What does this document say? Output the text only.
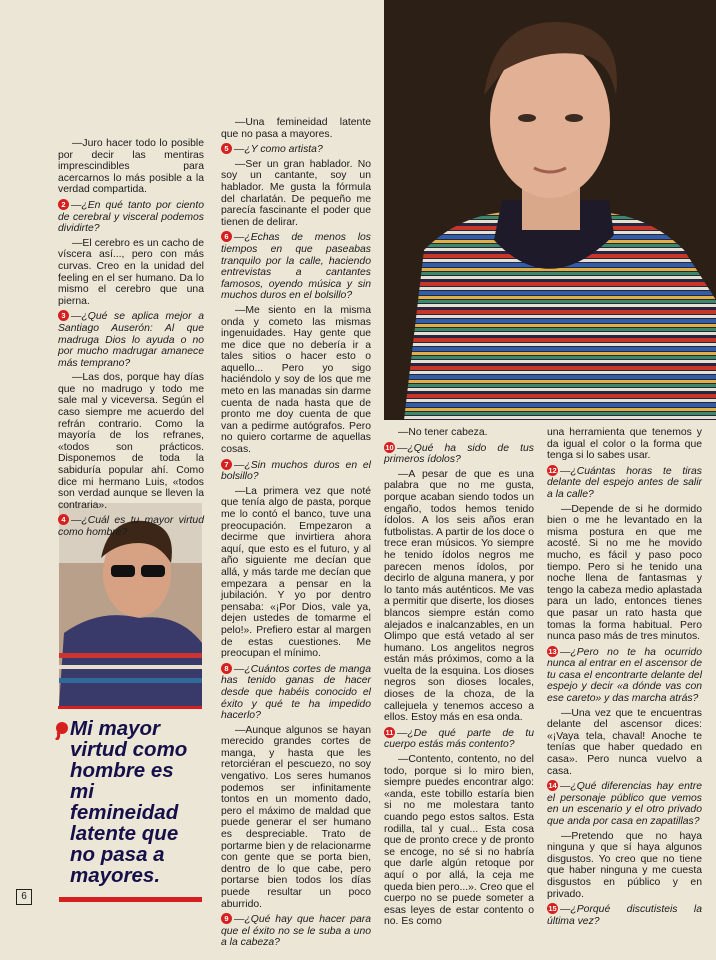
Mi mayor virtud como hombre es mi femineidad latente que no pasa a mayores.

—Juro hacer todo lo posible por decir las mentiras imprescindibles para acercarnos lo más posible a la verdad compartida.

2 —¿En qué tanto por ciento de cerebral y visceral podemos dividirte?

—El cerebro es un cacho de víscera así..., pero con más curvas. Creo en la unidad del feeling en el ser humano. Da lo mismo el cerebro que una pierna.

3 —¿Qué se aplica mejor a Santiago Auserón: Al que madruga Dios lo ayuda o no por mucho madrugar amanece más temprano?

—Las dos, porque hay días que no madrugo y todo me sale mal y viceversa. Según el caso siempre me acuerdo del refrán contrario. Como la mayoría de los refranes, «todos son prácticos. Disponemos de toda la sabiduría popular ahí. Como dice mi hermano Luis, «todos son verdad aunque se lleven la contraria».

4 —¿Cuál es tu mayor virtud como hombre?

—Una femineidad latente que no pasa a mayores.

5 —¿Y como artista?

—Ser un gran hablador. No soy un cantante, soy un hablador. Me gusta la fórmula del charlatán. De pequeño me parecía fascinante el poder que tienen de delirar.

6 —¿Echas de menos los tiempos en que paseabas tranquilo por la calle, haciendo entrevistas a cantantes famosos, oyendo música y sin muchos duros en el bolsillo?

—Me siento en la misma onda y cometo las mismas ingenuidades. Hay gente que me dice que no debería ir a tales sitios o hacer esto o aquello... Pero yo sigo haciéndolo y soy de los que me meto en las manadas sin darme cuenta de nada hasta que de pronto me doy cuenta de que van a pedirme autógrafos. Pero no quiero cortarme de aquellas cosas.

7 —¿Sin muchos duros en el bolsillo?

—La primera vez que noté que tenía algo de pasta, porque me lo contó el banco, tuve una preocupación. Empezaron a decirme que invirtiera ahora aquí, que esto es el futuro, y al año siguiente me decían que allá, y más tarde me decían que empezara a pensar en la jubilación. Y yo por dentro pensaba: «¡Por Dios, vale ya, dejen ustedes de tomarme el pelo!». Prefiero estar al margen de estas cuestiones. Me preocupan el mínimo.

8 —¿Cuántos cortes de manga has tenido ganas de hacer desde que habéis conocido el éxito y qué te ha impedido hacerlo?

—Aunque algunos se hayan merecido grandes cortes de manga, y hasta que les retorciéran el pescuezo, no soy vengativo. Los seres humanos podemos ser infinitamente tontos en un momento dado, pero el máximo de maldad que puede generar el ser humano es despreciable. Trato de portarme bien y de relacionarme con gente que se porta bien, dentro de lo que cabe, pero portarse bien todos los días puede resultar un poco aburrido.

9 —¿Qué hay que hacer para que el éxito no se le suba a uno a la cabeza?

—No tener cabeza.

10 —¿Qué ha sido de tus primeros ídolos?

—A pesar de que es una palabra que no me gusta, porque acaban siendo todos un engaño, todos hemos tenido ídolos. A los seis años eran futbolistas. A partir de los doce o trece eran músicos. Yo siempre he tenido ídolos negros me parecen menos ídolos, por decirlo de alguna manera, y por lo tanto más auténticos. Me vas a permitir que diserte, los dioses blancos siempre están como alejados e inalcanzables, en un Olimpo que está vetado al ser humano. Los angelitos negros están más próximos, como a la vuelta de la esquina. Los dioses negros son dioses locales, dioses de la choza, de la callejuela y tenemos acceso a ellos. Estoy más en esa onda.

11 —¿De qué parte de tu cuerpo estás más contento?

—Contento, contento, no del todo, porque si lo miro bien, siempre puedes encontrar algo: «anda, este tobillo estaría bien si no me molestara tanto cuando pego estos saltos. Esta rodilla, tal y cual... Esta cosa que de pronto crece y de pronto se encoge, no sé si no habría que darle algún retoque por aquí o por allá, la ceja me queda bien pero...». Creo que el cuerpo no se puede someter a esas leyes de estar contento o no. Es como

una herramienta que tenemos y da igual el color o la forma que tenga si lo sabes usar.

12 —¿Cuántas horas te tiras delante del espejo antes de salir a la calle?

—Depende de si he dormido bien o me he levantado en la misma postura en que me acosté. Si no me he movido mucho, es fácil y paso poco tiempo. Pero si he tenido una noche llena de fantasmas y tengo la cabeza medio aplastada para un lado, entonces tienes que pasar un rato hasta que tomas la forma habitual. Pero nunca paso más de tres minutos.

13 —¿Pero no te ha ocurrido nunca al entrar en el ascensor de tu casa el encontrarte delante del espejo y decir «a dónde vas con ese careto» y das marcha atrás?

—Una vez que te encuentras delante del ascensor dices: «¡Vaya tela, chaval! Anoche te tenías que haber quedado en casa». Pero nunca vuelvo a casa.

14 —¿Qué diferencias hay entre el personaje público que vemos en un escenario y el otro privado que anda por casa en zapatillas?

—Pretendo que no haya ninguna y que sí haya algunos disgustos. Yo creo que no tiene que haber ninguna y me cuesta disgustos en público y en privado.

15 —¿Porqué discutisteis la última vez?

6
